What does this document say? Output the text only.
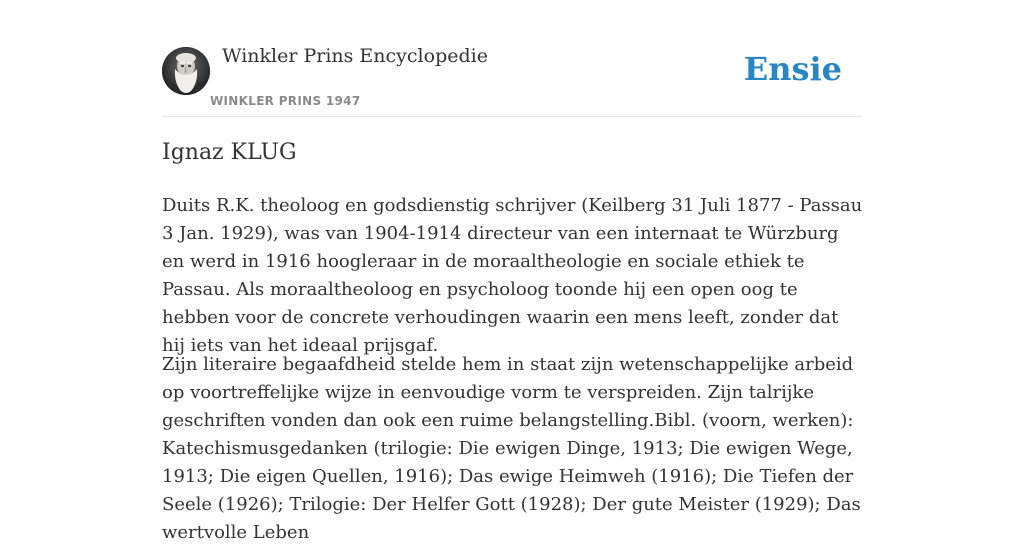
Winkler Prins Encyclopedie
WINKLER PRINS 1947
Ensie
Ignaz KLUG

Duits R.K. theoloog en godsdienstig schrijver (Keilberg 31 Juli 1877 - Passau 3 Jan. 1929), was van 1904-1914 directeur van een internaat te Würzburg en werd in 1916 hoogleraar in de moraaltheologie en sociale ethiek te Passau. Als moraaltheoloog en psycholoog toonde hij een open oog te hebben voor de concrete verhoudingen waarin een mens leeft, zonder dat hij iets van het ideaal prijsgaf.

Zijn literaire begaafdheid stelde hem in staat zijn wetenschappelijke arbeid op voortreffelijke wijze in eenvoudige vorm te verspreiden. Zijn talrijke geschriften vonden dan ook een ruime belangstelling.Bibl. (voorn, werken): Katechismusgedanken (trilogie: Die ewigen Dinge, 1913; Die ewigen Wege, 1913; Die eigen Quellen, 1916); Das ewige Heimweh (1916); Die Tiefen der Seele (1926); Trilogie: Der Helfer Gott (1928); Der gute Meister (1929); Das wertvolle Leben
